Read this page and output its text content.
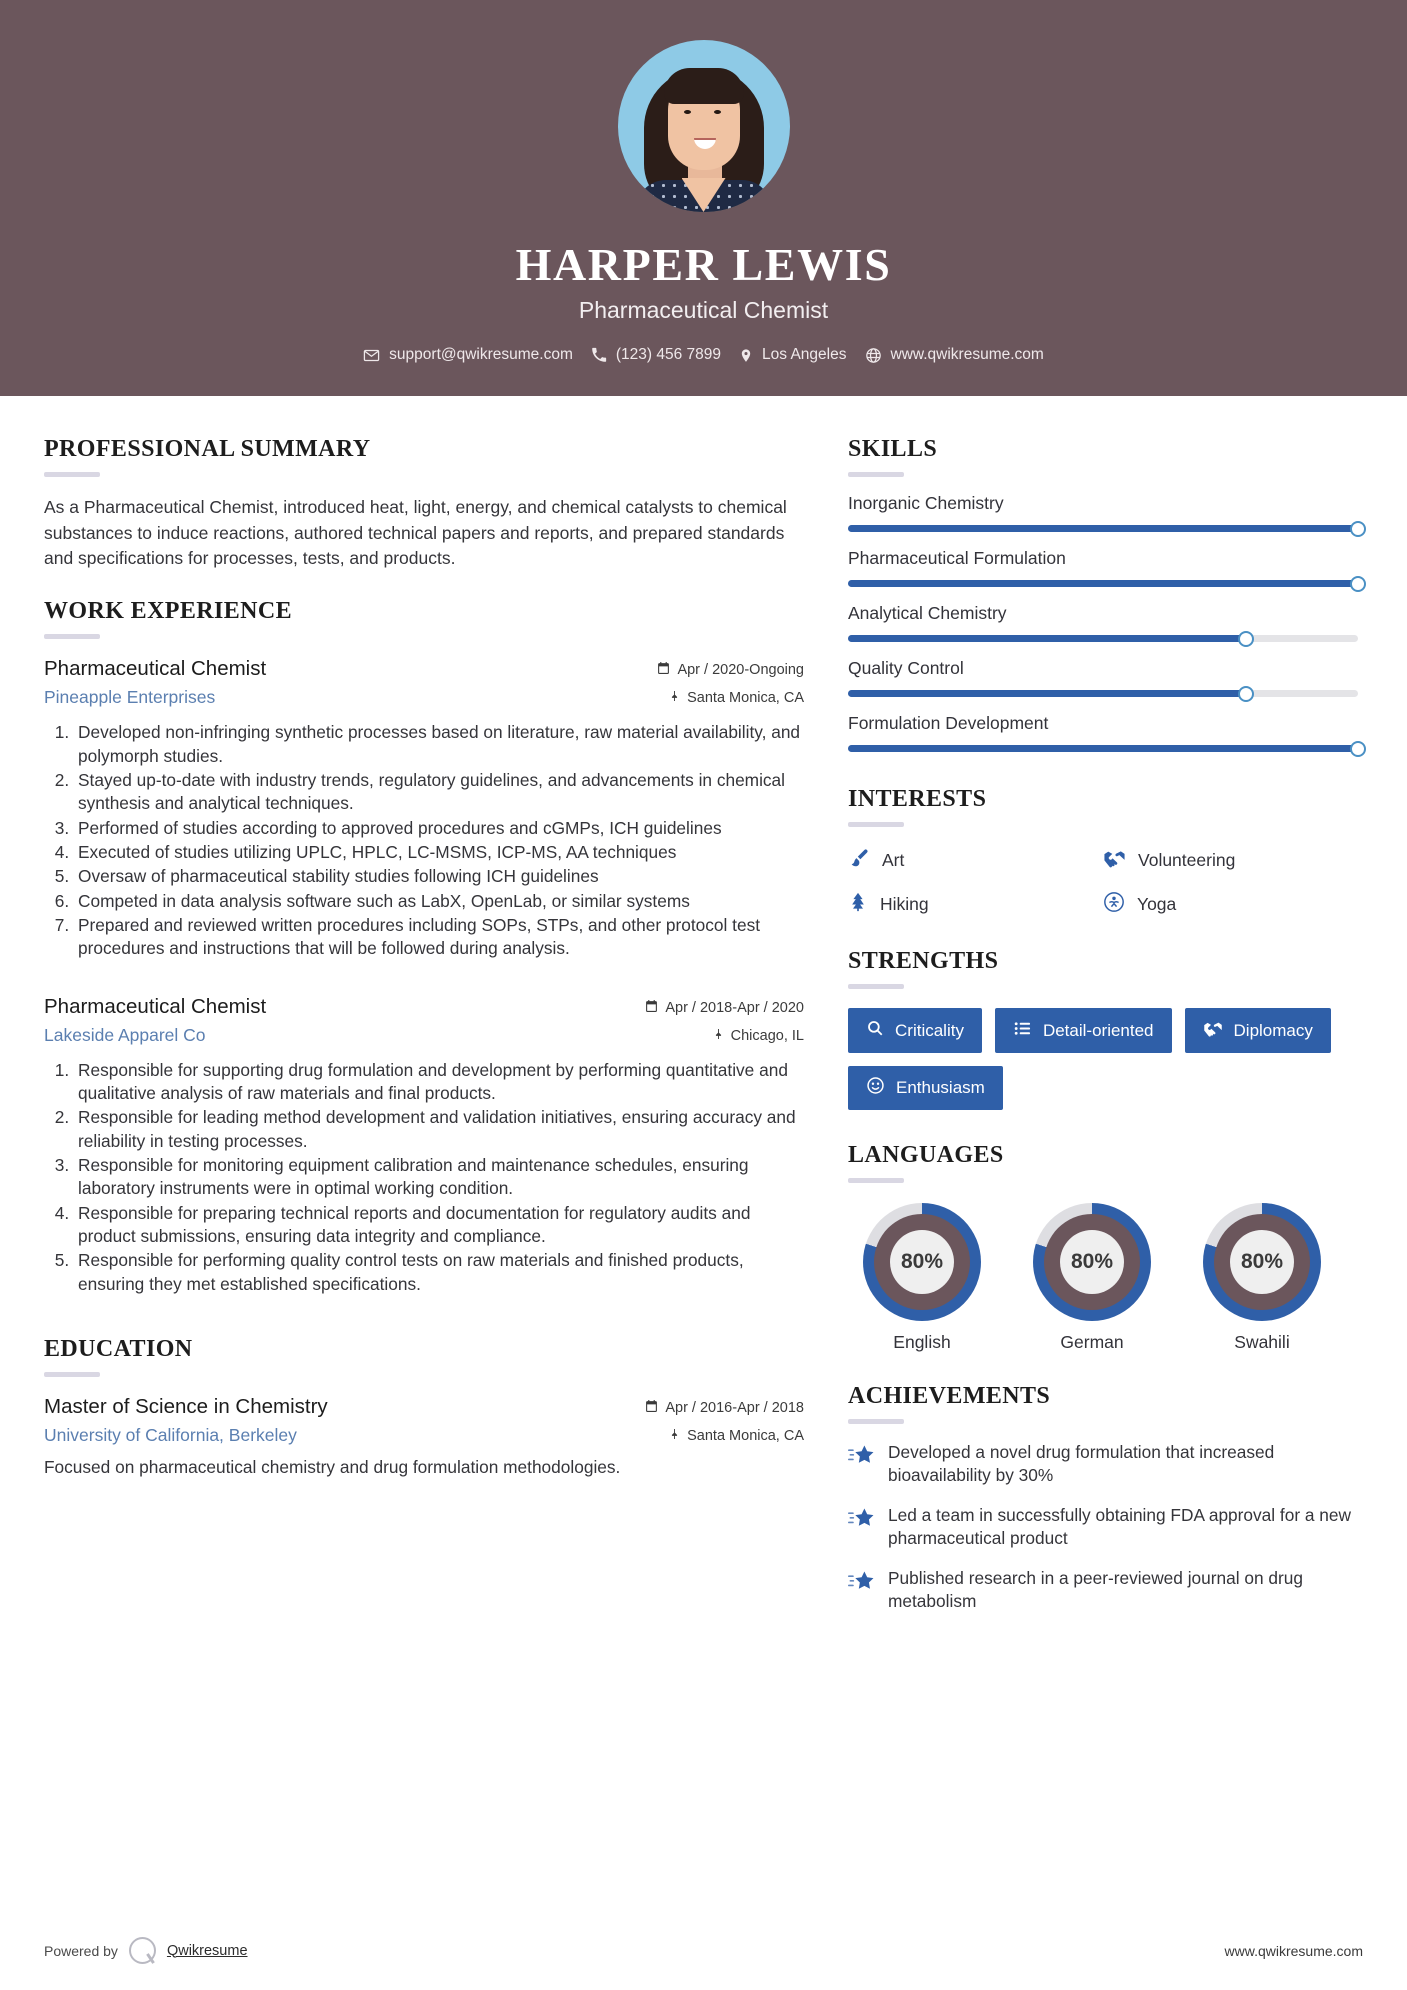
HARPER LEWIS
Pharmaceutical Chemist
support@qwikresume.com	(123) 456 7899	Los Angeles	www.qwikresume.com
PROFESSIONAL SUMMARY
As a Pharmaceutical Chemist, introduced heat, light, energy, and chemical catalysts to chemical substances to induce reactions, authored technical papers and reports, and prepared standards and specifications for processes, tests, and products.
WORK EXPERIENCE
Pharmaceutical Chemist	Apr / 2020-Ongoing
Pineapple Enterprises	Santa Monica, CA
1. Developed non-infringing synthetic processes based on literature, raw material availability, and polymorph studies.
2. Stayed up-to-date with industry trends, regulatory guidelines, and advancements in chemical synthesis and analytical techniques.
3. Performed of studies according to approved procedures and cGMPs, ICH guidelines
4. Executed of studies utilizing UPLC, HPLC, LC-MSMS, ICP-MS, AA techniques
5. Oversaw of pharmaceutical stability studies following ICH guidelines
6. Competed in data analysis software such as LabX, OpenLab, or similar systems
7. Prepared and reviewed written procedures including SOPs, STPs, and other protocol test procedures and instructions that will be followed during analysis.
Pharmaceutical Chemist	Apr / 2018-Apr / 2020
Lakeside Apparel Co	Chicago, IL
1. Responsible for supporting drug formulation and development by performing quantitative and qualitative analysis of raw materials and final products.
2. Responsible for leading method development and validation initiatives, ensuring accuracy and reliability in testing processes.
3. Responsible for monitoring equipment calibration and maintenance schedules, ensuring laboratory instruments were in optimal working condition.
4. Responsible for preparing technical reports and documentation for regulatory audits and product submissions, ensuring data integrity and compliance.
5. Responsible for performing quality control tests on raw materials and finished products, ensuring they met established specifications.
EDUCATION
Master of Science in Chemistry	Apr / 2016-Apr / 2018
University of California, Berkeley	Santa Monica, CA
Focused on pharmaceutical chemistry and drug formulation methodologies.
SKILLS
Inorganic Chemistry
Pharmaceutical Formulation
Analytical Chemistry
Quality Control
Formulation Development
INTERESTS
Art	Volunteering
Hiking	Yoga
STRENGTHS
Criticality	Detail-oriented	Diplomacy
Enthusiasm
LANGUAGES
80%
English
80%
German
80%
Swahili
ACHIEVEMENTS
Developed a novel drug formulation that increased bioavailability by 30%
Led a team in successfully obtaining FDA approval for a new pharmaceutical product
Published research in a peer-reviewed journal on drug metabolism
Powered by	Qwikresume	www.qwikresume.com
